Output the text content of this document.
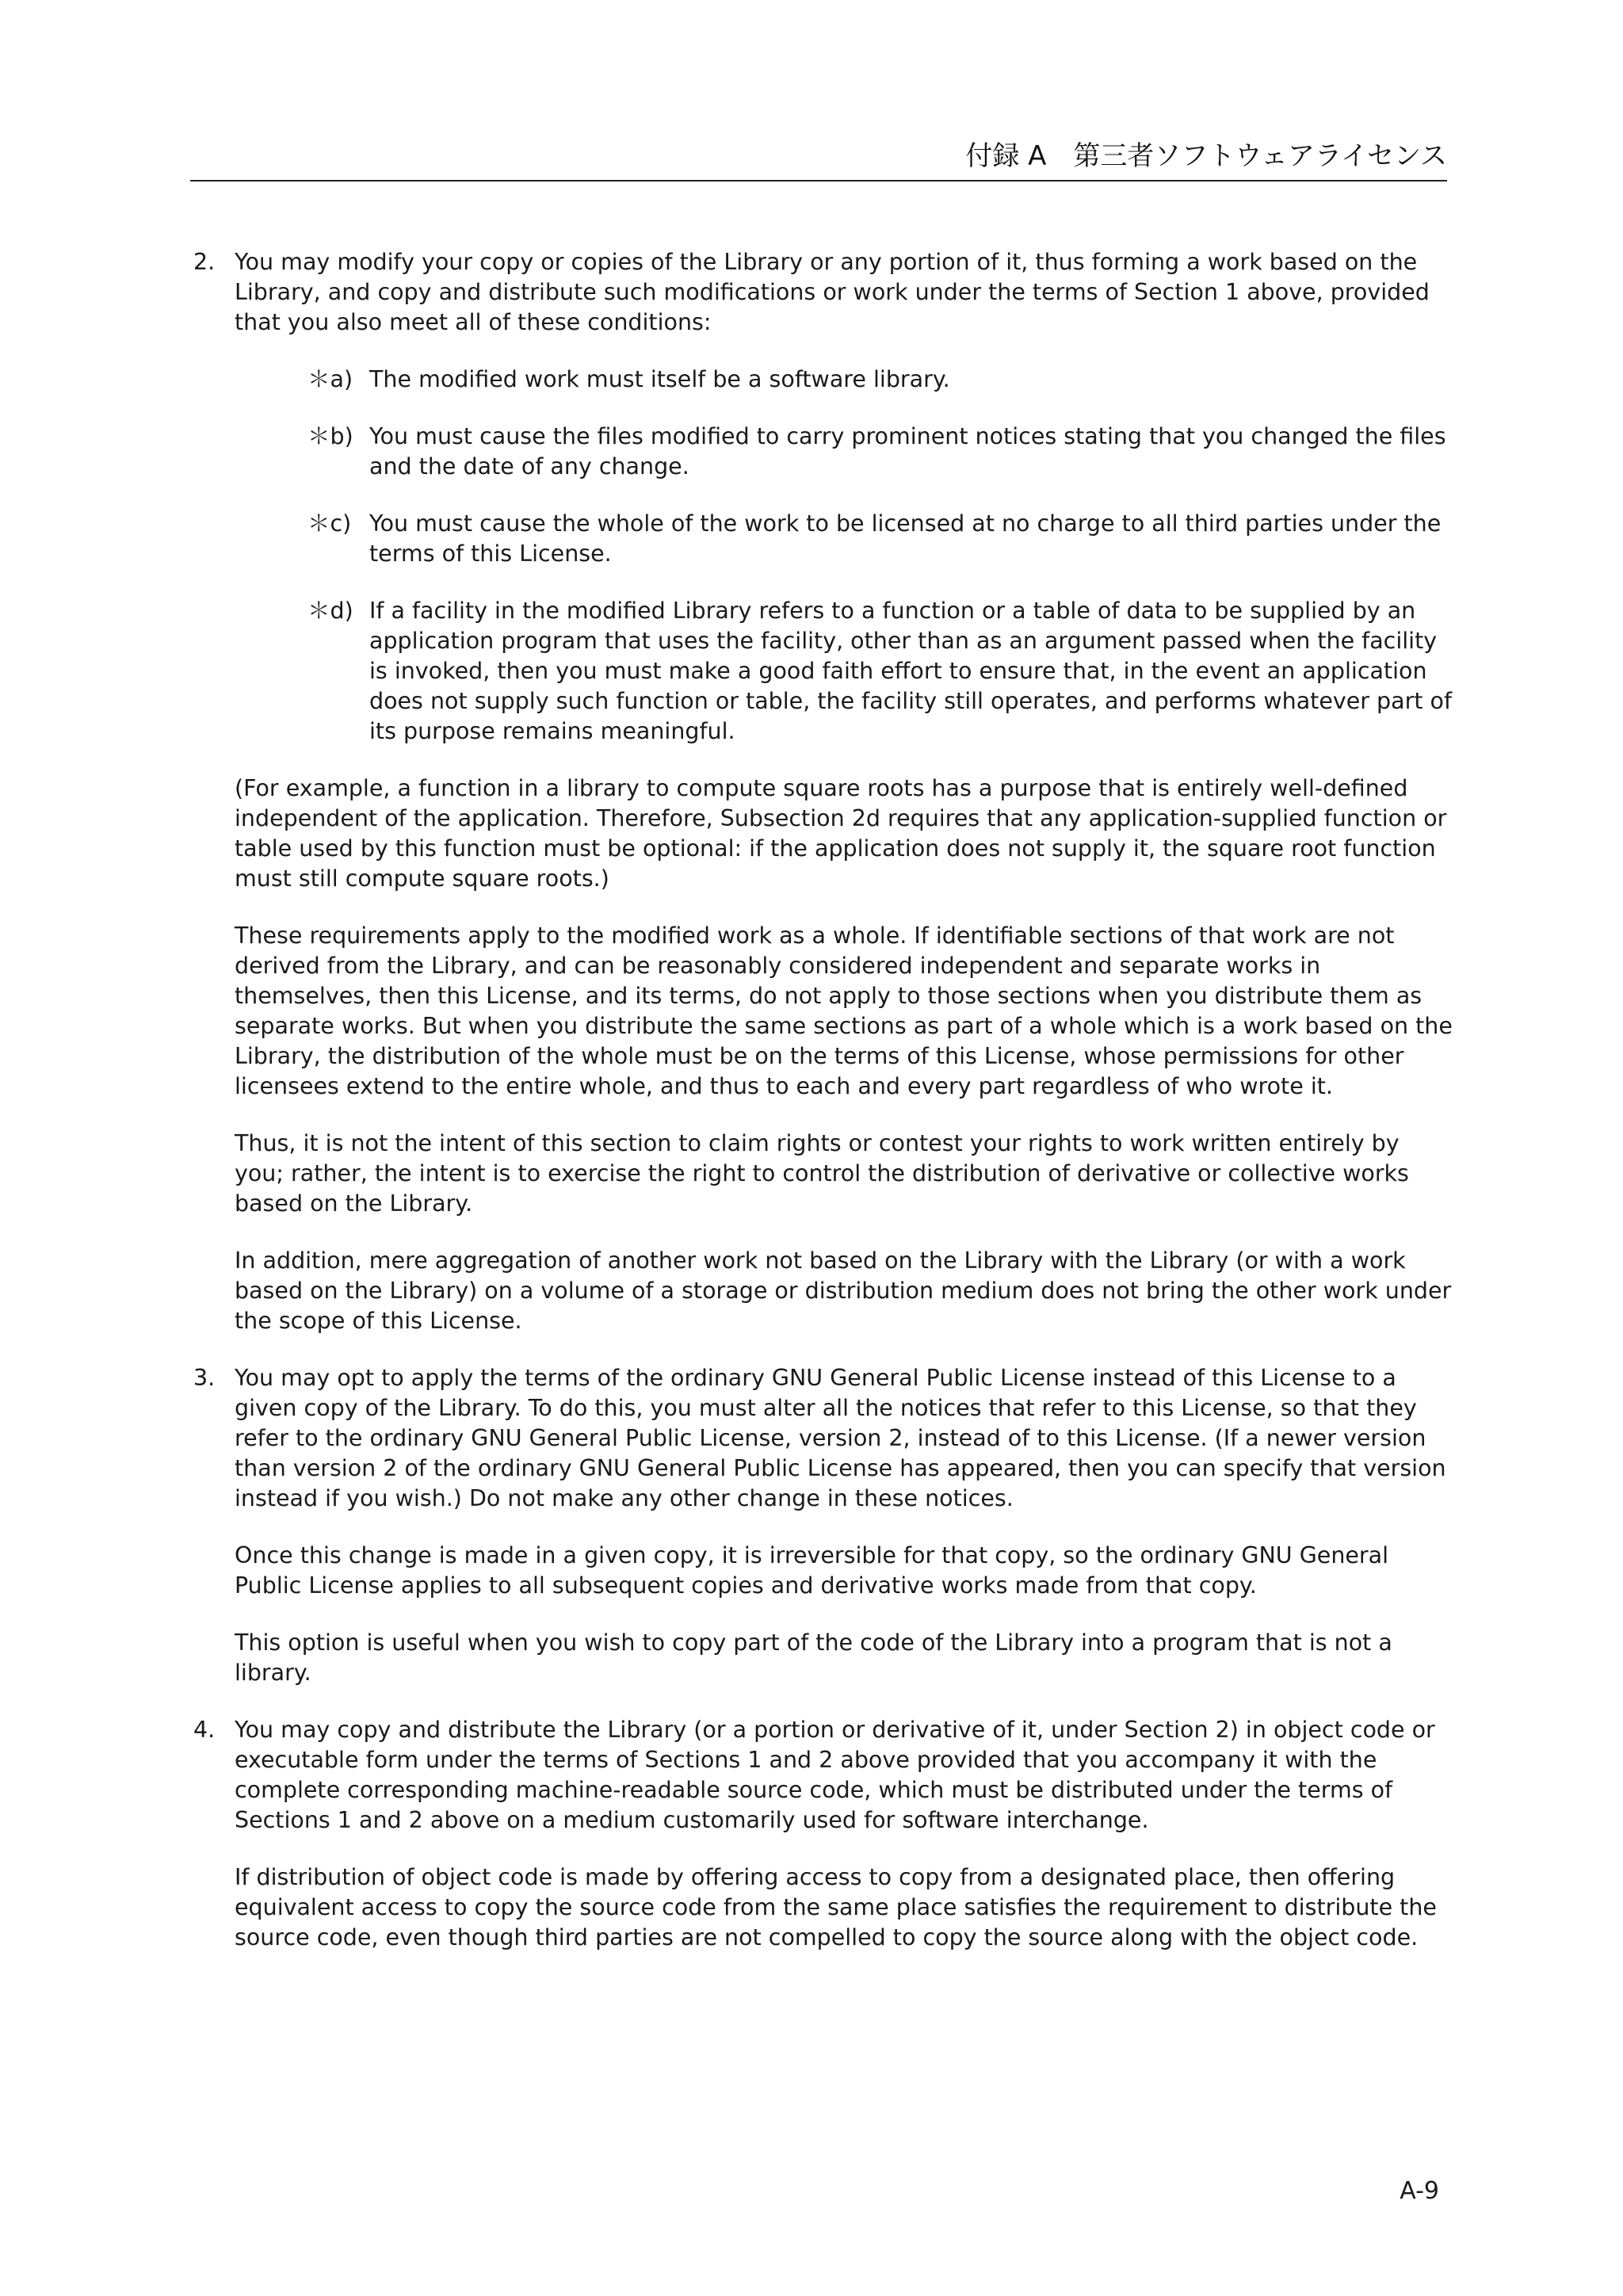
付録 A　第三者ソフトウェアライセンス
2. You may modify your copy or copies of the Library or any portion of it, thus forming a work based on the Library, and copy and distribute such modifications or work under the terms of Section 1 above, provided that you also meet all of these conditions:

＊a) The modified work must itself be a software library.
＊b) You must cause the files modified to carry prominent notices stating that you changed the files and the date of any change.
＊c) You must cause the whole of the work to be licensed at no charge to all third parties under the terms of this License.
＊d) If a facility in the modified Library refers to a function or a table of data to be supplied by an application program that uses the facility, other than as an argument passed when the facility is invoked, then you must make a good faith effort to ensure that, in the event an application does not supply such function or table, the facility still operates, and performs whatever part of its purpose remains meaningful.

(For example, a function in a library to compute square roots has a purpose that is entirely well-defined independent of the application. Therefore, Subsection 2d requires that any application-supplied function or table used by this function must be optional: if the application does not supply it, the square root function must still compute square roots.)

These requirements apply to the modified work as a whole. If identifiable sections of that work are not derived from the Library, and can be reasonably considered independent and separate works in themselves, then this License, and its terms, do not apply to those sections when you distribute them as separate works. But when you distribute the same sections as part of a whole which is a work based on the Library, the distribution of the whole must be on the terms of this License, whose permissions for other licensees extend to the entire whole, and thus to each and every part regardless of who wrote it.

Thus, it is not the intent of this section to claim rights or contest your rights to work written entirely by you; rather, the intent is to exercise the right to control the distribution of derivative or collective works based on the Library.

In addition, mere aggregation of another work not based on the Library with the Library (or with a work based on the Library) on a volume of a storage or distribution medium does not bring the other work under the scope of this License.

3. You may opt to apply the terms of the ordinary GNU General Public License instead of this License to a given copy of the Library. To do this, you must alter all the notices that refer to this License, so that they refer to the ordinary GNU General Public License, version 2, instead of to this License. (If a newer version than version 2 of the ordinary GNU General Public License has appeared, then you can specify that version instead if you wish.) Do not make any other change in these notices.

Once this change is made in a given copy, it is irreversible for that copy, so the ordinary GNU General Public License applies to all subsequent copies and derivative works made from that copy.

This option is useful when you wish to copy part of the code of the Library into a program that is not a library.

4. You may copy and distribute the Library (or a portion or derivative of it, under Section 2) in object code or executable form under the terms of Sections 1 and 2 above provided that you accompany it with the complete corresponding machine-readable source code, which must be distributed under the terms of Sections 1 and 2 above on a medium customarily used for software interchange.

If distribution of object code is made by offering access to copy from a designated place, then offering equivalent access to copy the source code from the same place satisfies the requirement to distribute the source code, even though third parties are not compelled to copy the source along with the object code.

A-9
